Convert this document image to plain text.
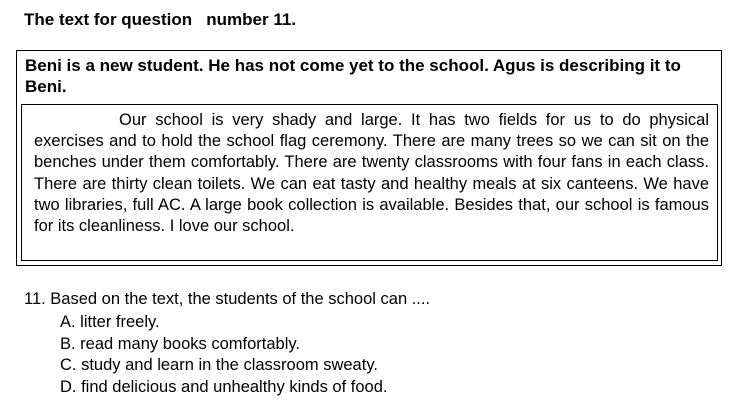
The text for question   number 11.
Beni is a new student. He has not come yet to the school. Agus is describing it to Beni.

Our school is very shady and large. It has two fields for us to do physical exercises and to hold the school flag ceremony. There are many trees so we can sit on the benches under them comfortably. There are twenty classrooms with four fans in each class. There are thirty clean toilets. We can eat tasty and healthy meals at six canteens. We have two libraries, full AC. A large book collection is available. Besides that, our school is famous for its cleanliness. I love our school.

11. Based on the text, the students of the school can ....
A. litter freely.
B. read many books comfortably.
C. study and learn in the classroom sweaty.
D. find delicious and unhealthy kinds of food.
